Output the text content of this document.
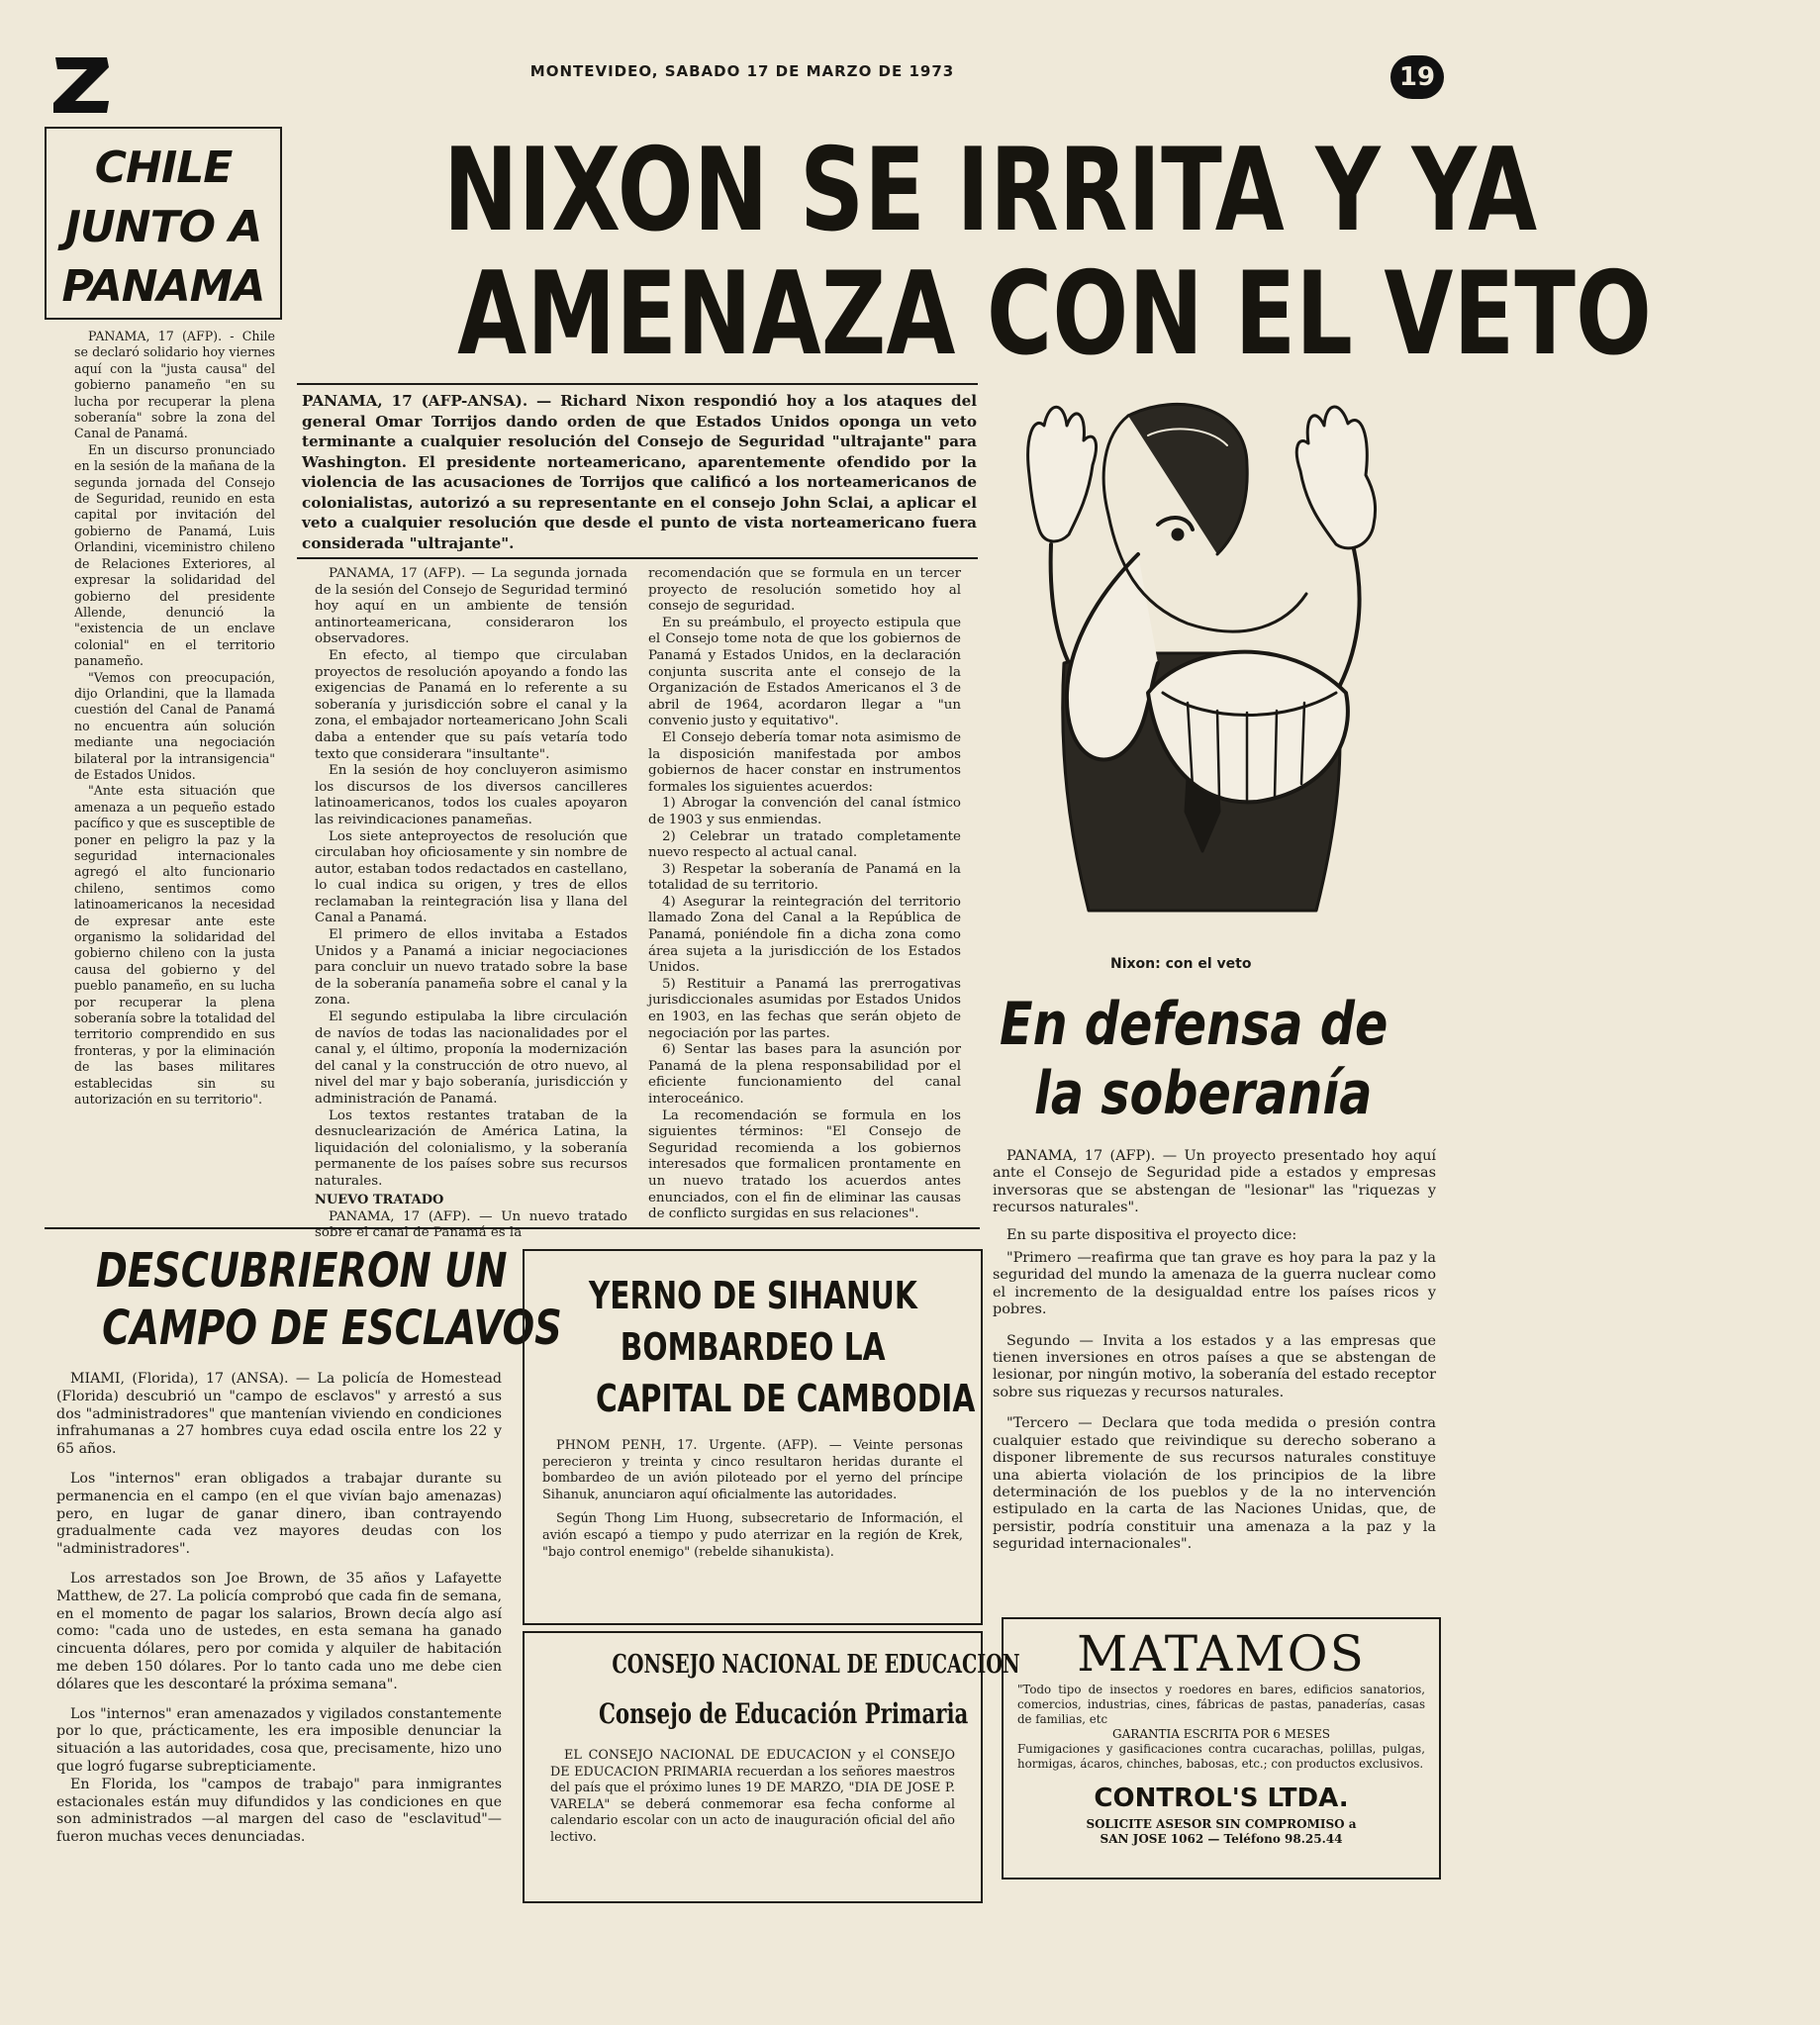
MONTEVIDEO, SABADO 17 DE MARZO DE 1973	19
CHILE
JUNTO A
PANAMA

PANAMA, 17 (AFP). - Chile se declaró solidario hoy viernes aquí con la "justa causa" del gobierno panameño "en su lucha por recuperar la plena soberanía" sobre la zona del Canal de Panamá.

En un discurso pronunciado en la sesión de la mañana de la segunda jornada del Consejo de Seguridad, reunido en esta capital por invitación del gobierno de Panamá, Luis Orlandini, viceministro chileno de Relaciones Exteriores, al expresar la solidaridad del gobierno del presidente Allende, denunció la "existencia de un enclave colonial" en el territorio panameño.

"Vemos con preocupación, dijo Orlandini, que la llamada cuestión del Canal de Panamá no encuentra aún solución mediante una negociación bilateral por la intransigencia" de Estados Unidos.

"Ante esta situación que amenaza a un pequeño estado pacífico y que es susceptible de poner en peligro la paz y la seguridad internacionales agregó el alto funcionario chileno, sentimos como latinoamericanos la necesidad de expresar ante este organismo la solidaridad del gobierno chileno con la justa causa del gobierno y del pueblo panameño, en su lucha por recuperar la plena soberanía sobre la totalidad del territorio comprendido en sus fronteras, y por la eliminación de las bases militares establecidas sin su autorización en su territorio".

NIXON SE IRRITA Y YA
AMENAZA CON EL VETO

PANAMA, 17 (AFP-ANSA). — Richard Nixon respondió hoy a los ataques del general Omar Torrijos dando orden de que Estados Unidos oponga un veto terminante a cualquier resolución del Consejo de Seguridad "ultrajante" para Washington. El presidente norteamericano, aparentemente ofendido por la violencia de las acusaciones de Torrijos que calificó a los norteamericanos de colonialistas, autorizó a su representante en el consejo John Sclai, a aplicar el veto a cualquier resolución que desde el punto de vista norteamericano fuera considerada "ultrajante".

PANAMA, 17 (AFP). — La segunda jornada de la sesión del Consejo de Seguridad terminó hoy aquí en un ambiente de tensión antinorteamericana, consideraron los observadores.

En efecto, al tiempo que circulaban proyectos de resolución apoyando a fondo las exigencias de Panamá en lo referente a su soberanía y jurisdicción sobre el canal y la zona, el embajador norteamericano John Scali daba a entender que su país vetaría todo texto que considerara "insultante".

En la sesión de hoy concluyeron asimismo los discursos de los diversos cancilleres latinoamericanos, todos los cuales apoyaron las reivindicaciones panameñas.

Los siete anteproyectos de resolución que circulaban hoy oficiosamente y sin nombre de autor, estaban todos redactados en castellano, lo cual indica su origen, y tres de ellos reclamaban la reintegración lisa y llana del Canal a Panamá.

El primero de ellos invitaba a Estados Unidos y a Panamá a iniciar negociaciones para concluir un nuevo tratado sobre la base de la soberanía panameña sobre el canal y la zona.

El segundo estipulaba la libre circulación de navíos de todas las nacionalidades por el canal y, el último, proponía la modernización del canal y la construcción de otro nuevo, al nivel del mar y bajo soberanía, jurisdicción y administración de Panamá.

Los textos restantes trataban de la desnuclearización de América Latina, la liquidación del colonialismo, y la soberanía permanente de los países sobre sus recursos naturales.

NUEVO TRATADO

PANAMA, 17 (AFP). — Un nuevo tratado sobre el canal de Panamá es la

recomendación que se formula en un tercer proyecto de resolución sometido hoy al consejo de seguridad.

En su preámbulo, el proyecto estipula que el Consejo tome nota de que los gobiernos de Panamá y Estados Unidos, en la declaración conjunta suscrita ante el consejo de la Organización de Estados Americanos el 3 de abril de 1964, acordaron llegar a "un convenio justo y equitativo".

El Consejo debería tomar nota asimismo de la disposición manifestada por ambos gobiernos de hacer constar en instrumentos formales los siguientes acuerdos:

1) Abrogar la convención del canal ístmico de 1903 y sus enmiendas.

2) Celebrar un tratado completamente nuevo respecto al actual canal.

3) Respetar la soberanía de Panamá en la totalidad de su territorio.

4) Asegurar la reintegración del territorio llamado Zona del Canal a la República de Panamá, poniéndole fin a dicha zona como área sujeta a la jurisdicción de los Estados Unidos.

5) Restituir a Panamá las prerrogativas jurisdiccionales asumidas por Estados Unidos en 1903, en las fechas que serán objeto de negociación por las partes.

6) Sentar las bases para la asunción por Panamá de la plena responsabilidad por el eficiente funcionamiento del canal interoceánico.

La recomendación se formula en los siguientes términos: "El Consejo de Seguridad recomienda a los gobiernos interesados que formalicen prontamente en un nuevo tratado los acuerdos antes enunciados, con el fin de eliminar las causas de conflicto surgidas en sus relaciones".

Nixon: con el veto
En defensa de
la soberanía

PANAMA, 17 (AFP). — Un proyecto presentado hoy aquí ante el Consejo de Seguridad pide a estados y empresas inversoras que se abstengan de "lesionar" las "riquezas y recursos naturales".

En su parte dispositiva el proyecto dice:

"Primero —reafirma que tan grave es hoy para la paz y la seguridad del mundo la amenaza de la guerra nuclear como el incremento de la desigualdad entre los países ricos y pobres.

Segundo — Invita a los estados y a las empresas que tienen inversiones en otros países a que se abstengan de lesionar, por ningún motivo, la soberanía del estado receptor sobre sus riquezas y recursos naturales.

"Tercero — Declara que toda medida o presión contra cualquier estado que reivindique su derecho soberano a disponer libremente de sus recursos naturales constituye una abierta violación de los principios de la libre determinación de los pueblos y de la no intervención estipulado en la carta de las Naciones Unidas, que, de persistir, podría constituir una amenaza a la paz y la seguridad internacionales".

DESCUBRIERON UN
CAMPO DE ESCLAVOS

MIAMI, (Florida), 17 (ANSA). — La policía de Homestead (Florida) descubrió un "campo de esclavos" y arrestó a sus dos "administradores" que mantenían viviendo en condiciones infrahumanas a 27 hombres cuya edad oscila entre los 22 y 65 años.

Los "internos" eran obligados a trabajar durante su permanencia en el campo (en el que vivían bajo amenazas) pero, en lugar de ganar dinero, iban contrayendo gradualmente cada vez mayores deudas con los "administradores".

Los arrestados son Joe Brown, de 35 años y Lafayette Matthew, de 27. La policía comprobó que cada fin de semana, en el momento de pagar los salarios, Brown decía algo así como: "cada uno de ustedes, en esta semana ha ganado cincuenta dólares, pero por comida y alquiler de habitación me deben 150 dólares. Por lo tanto cada uno me debe cien dólares que les descontaré la próxima semana".

Los "internos" eran amenazados y vigilados constantemente por lo que, prácticamente, les era imposible denunciar la situación a las autoridades, cosa que, precisamente, hizo uno que logró fugarse subrepticiamente.

En Florida, los "campos de trabajo" para inmigrantes estacionales están muy difundidos y las condiciones en que son administrados —al margen del caso de "esclavitud"— fueron muchas veces denunciadas.

YERNO DE SIHANUK
BOMBARDEO LA
CAPITAL DE CAMBODIA

PHNOM PENH, 17. Urgente. (AFP). — Veinte personas perecieron y treinta y cinco resultaron heridas durante el bombardeo de un avión piloteado por el yerno del príncipe Sihanuk, anunciaron aquí oficialmente las autoridades.

Según Thong Lim Huong, subsecretario de Información, el avión escapó a tiempo y pudo aterrizar en la región de Krek, "bajo control enemigo" (rebelde sihanukista).

CONSEJO NACIONAL DE EDUCACION
Consejo de Educación Primaria

EL CONSEJO NACIONAL DE EDUCACION y el CONSEJO DE EDUCACION PRIMARIA recuerdan a los señores maestros del país que el próximo lunes 19 DE MARZO, "DIA DE JOSE P. VARELA" se deberá conmemorar esa fecha conforme al calendario escolar con un acto de inauguración oficial del año lectivo.

MATAMOS

"Todo tipo de insectos y roedores en bares, edificios sanatorios, comercios, industrias, cines, fábricas de pastas, panaderías, casas de familias, etc

GARANTIA ESCRITA POR 6 MESES

Fumigaciones y gasificaciones contra cucarachas, polillas, pulgas, hormigas, ácaros, chinches, babosas, etc.; con productos exclusivos.

CONTROL'S LTDA.
SOLICITE ASESOR SIN COMPROMISO a
SAN JOSE 1062 — Teléfono 98.25.44
